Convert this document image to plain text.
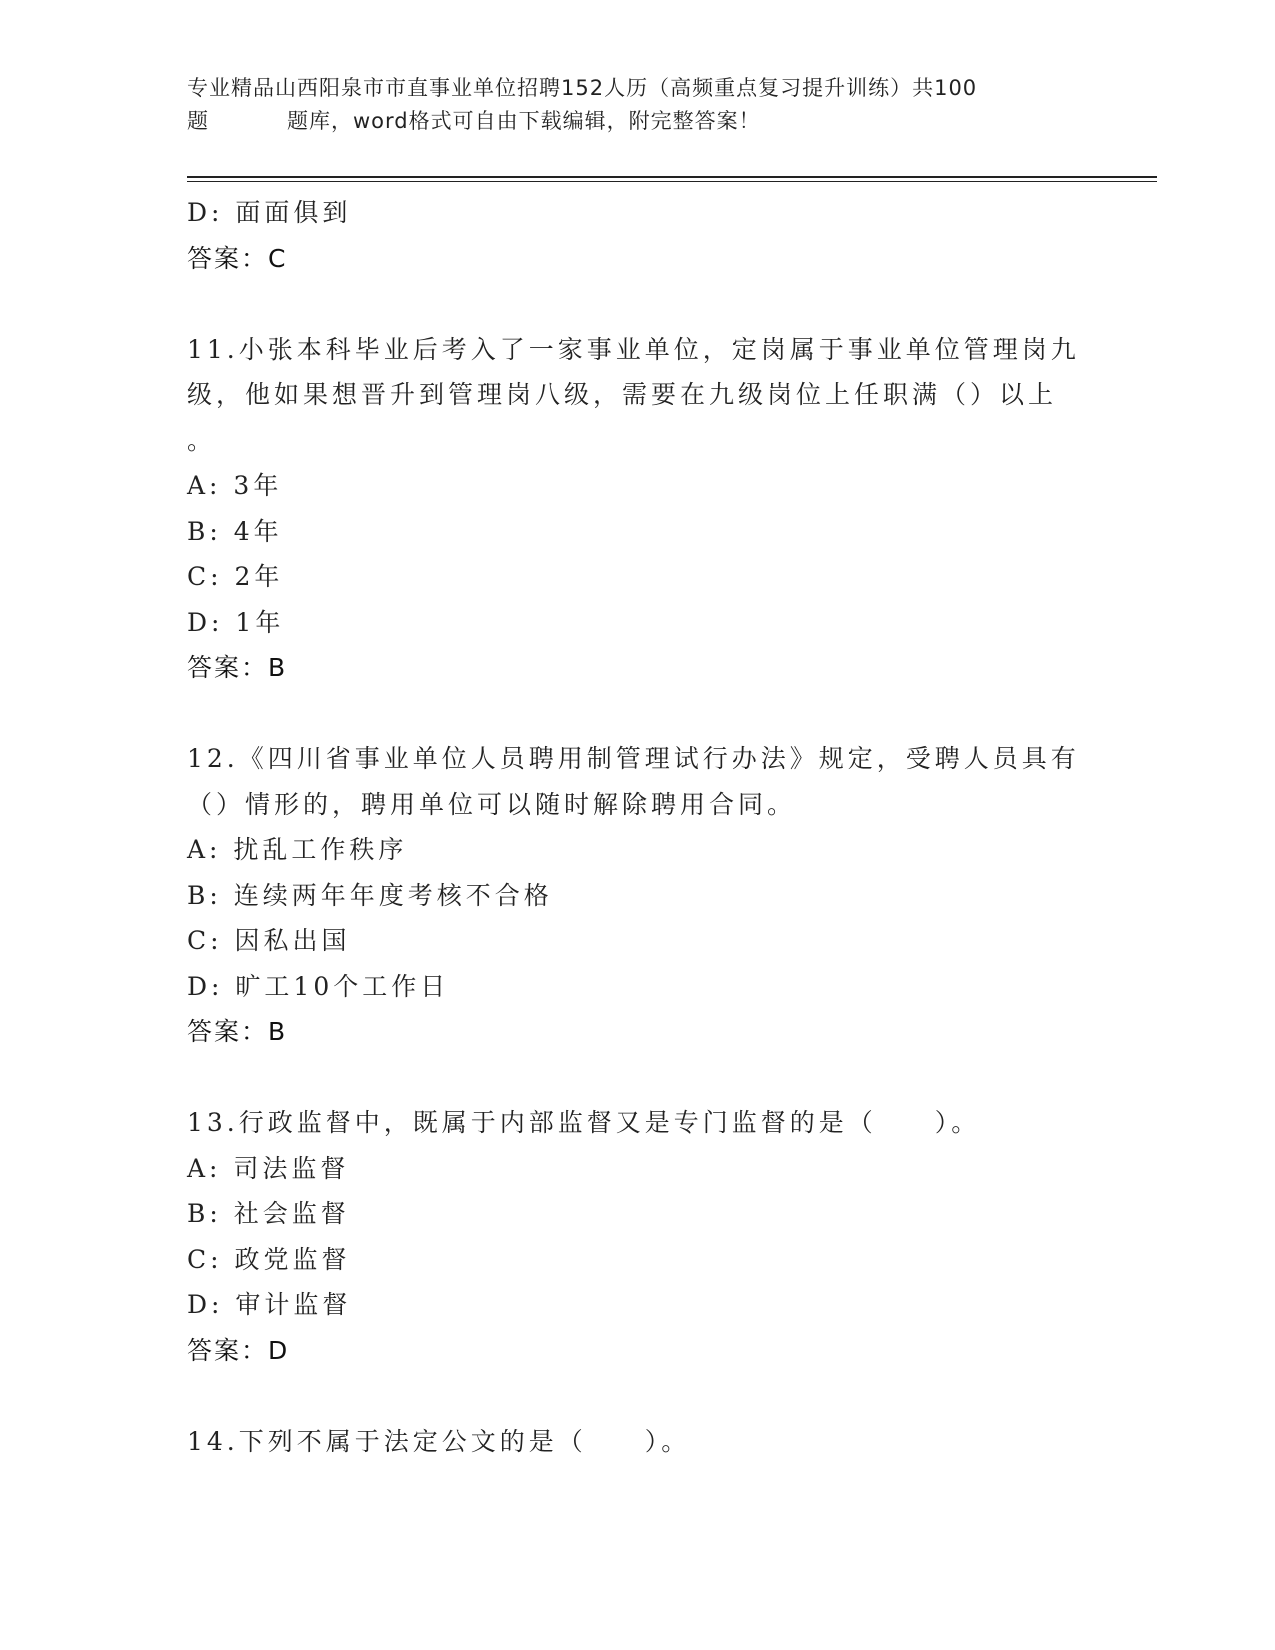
专业精品山西阳泉市市直事业单位招聘152人历（高频重点复习提升训练）共100
题	题库，word格式可自由下载编辑，附完整答案！
D: 面面俱到
答案：C
11.小张本科毕业后考入了一家事业单位，定岗属于事业单位管理岗九
级，他如果想晋升到管理岗八级，需要在九级岗位上任职满（）以上
。
A: 3年
B: 4年
C: 2年
D: 1年
答案：B
12.《四川省事业单位人员聘用制管理试行办法》规定，受聘人员具有
（）情形的，聘用单位可以随时解除聘用合同。
A: 扰乱工作秩序
B: 连续两年年度考核不合格
C: 因私出国
D: 旷工10个工作日
答案：B
13.行政监督中，既属于内部监督又是专门监督的是（　　）。
A: 司法监督
B: 社会监督
C: 政党监督
D: 审计监督
答案：D
14.下列不属于法定公文的是（　　）。
